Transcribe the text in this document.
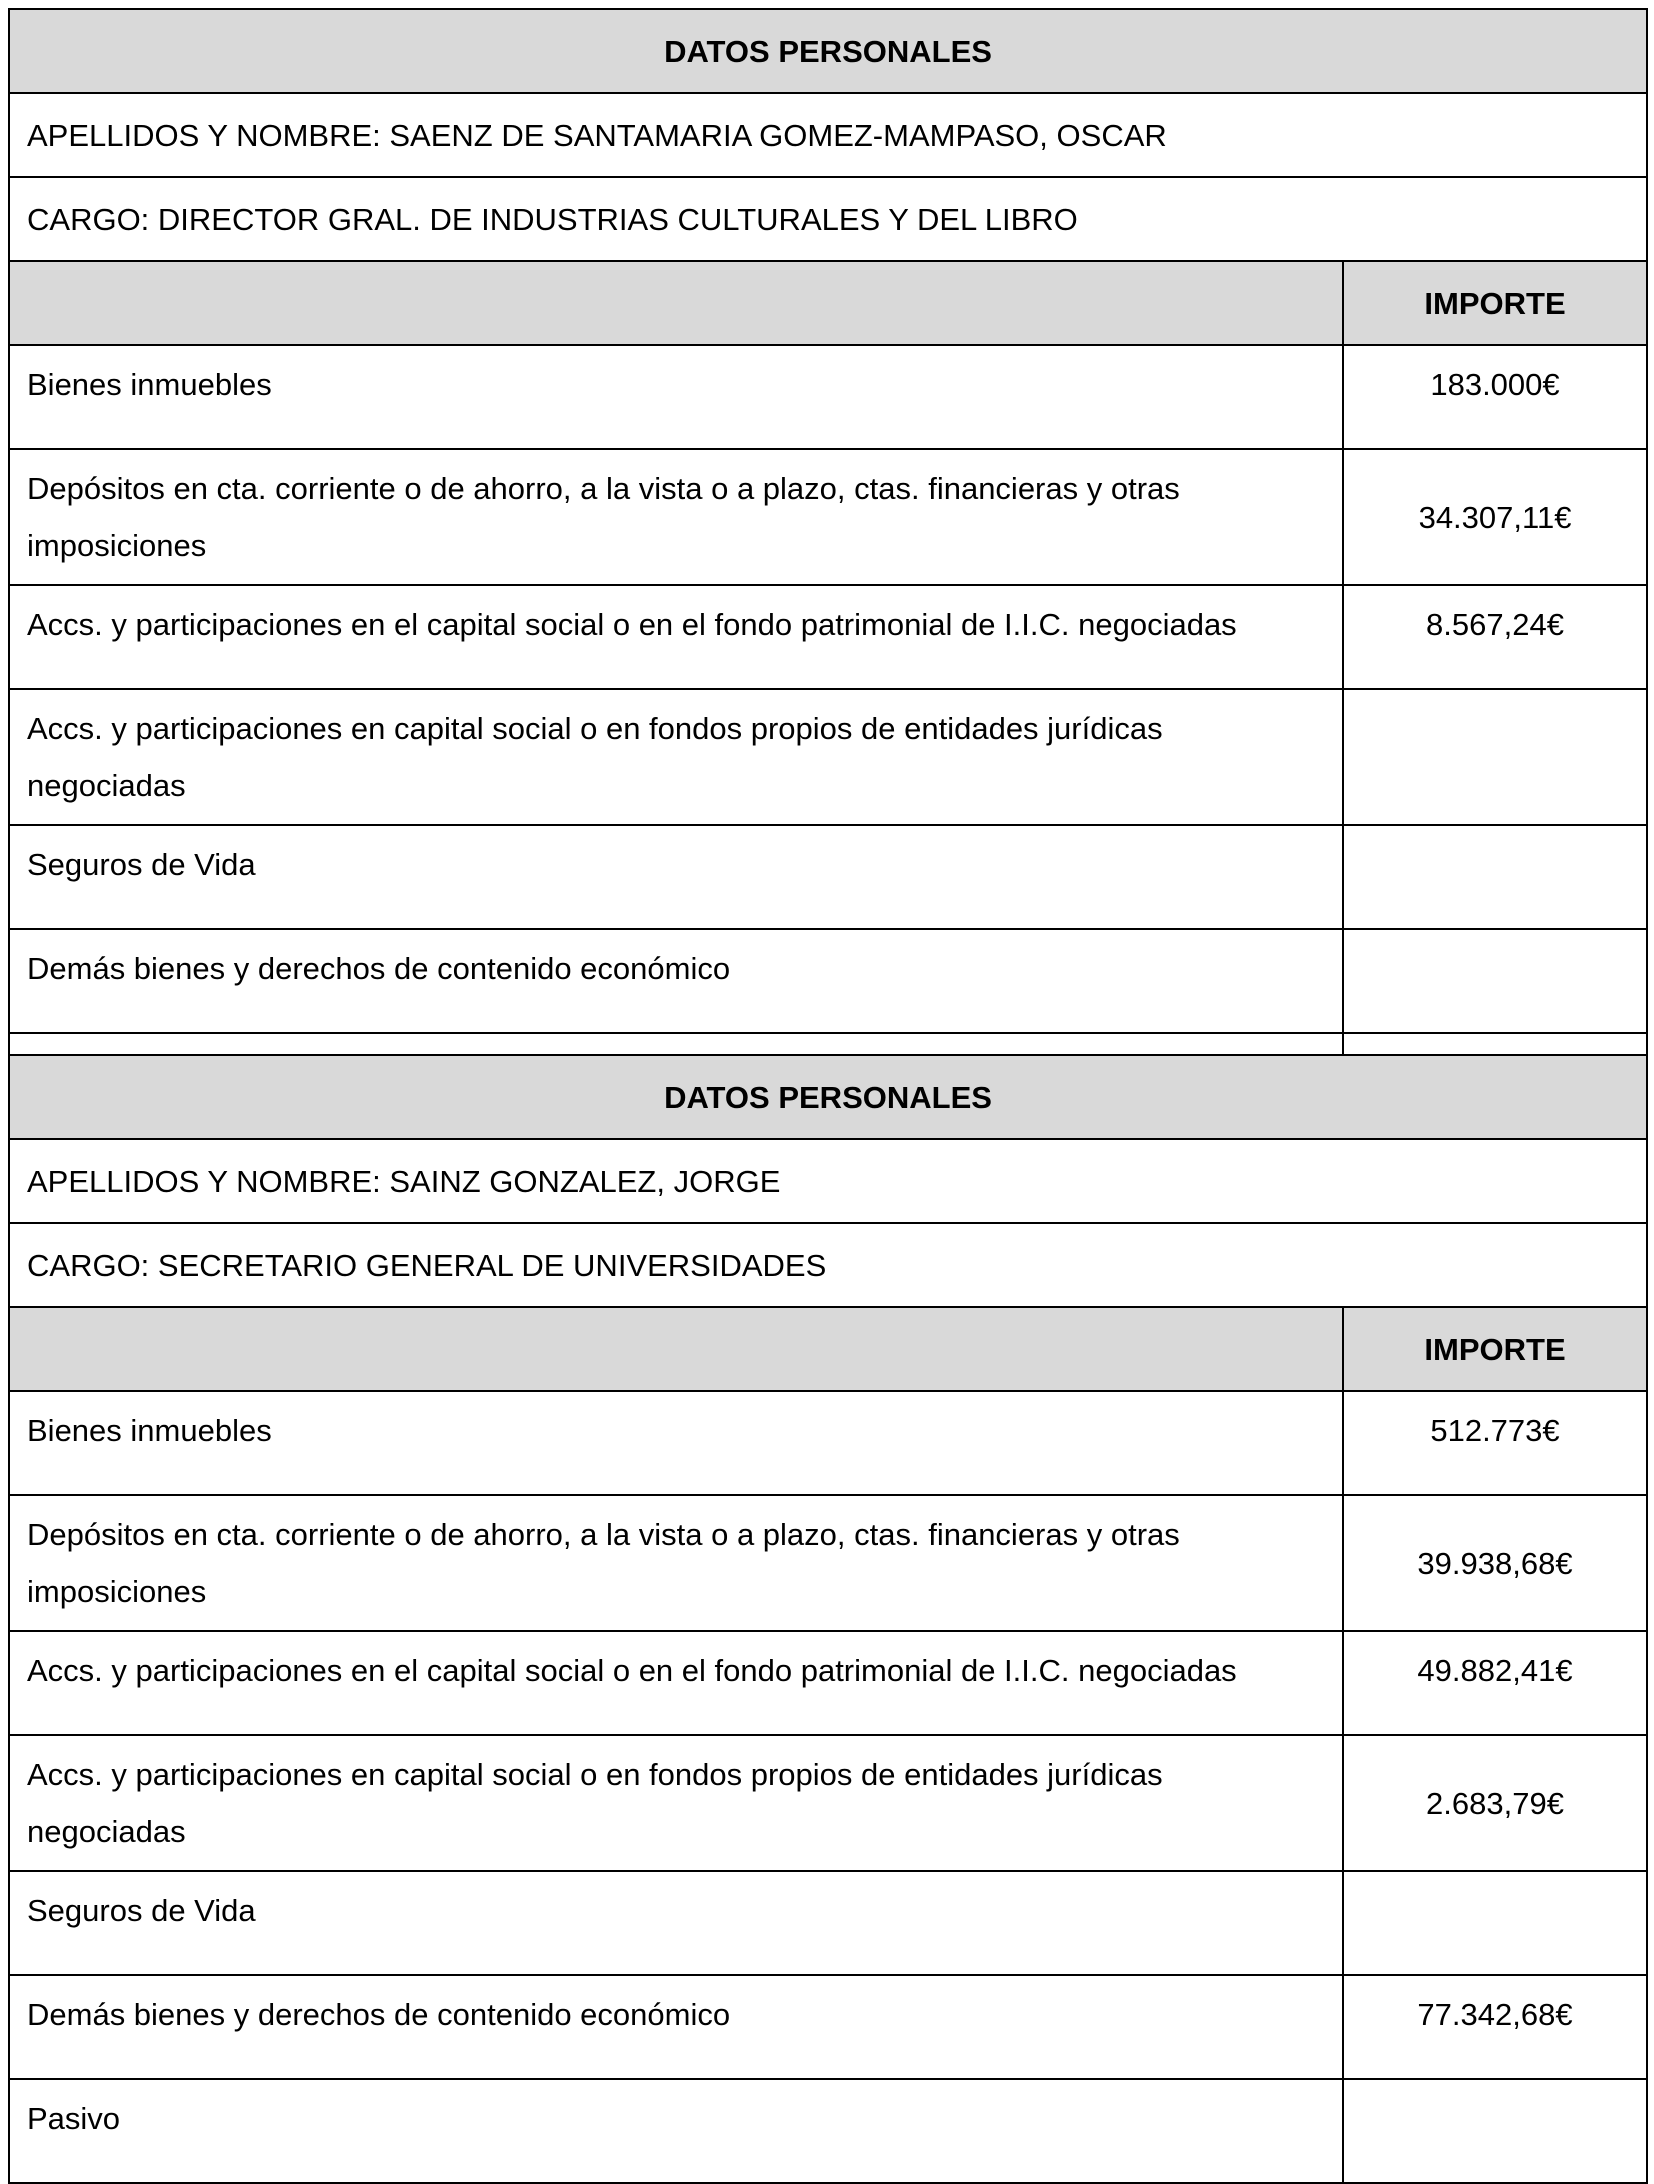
DATOS PERSONALES	
APELLIDOS Y NOMBRE: SAENZ DE SANTAMARIA GOMEZ-MAMPASO, OSCAR	
CARGO: DIRECTOR GRAL. DE INDUSTRIAS CULTURALES Y DEL LIBRO	
	IMPORTE
Bienes inmuebles	183.000€
Depósitos en cta. corriente o de ahorro, a la vista o a plazo, ctas. financieras y otras imposiciones	34.307,11€
Accs. y participaciones en el capital social o en el fondo patrimonial de I.I.C. negociadas	8.567,24€
Accs. y participaciones en capital social o en fondos propios de entidades jurídicas negociadas	
Seguros de Vida	
Demás bienes y derechos de contenido económico	

DATOS PERSONALES	
APELLIDOS Y NOMBRE: SAINZ GONZALEZ, JORGE	
CARGO: SECRETARIO GENERAL DE UNIVERSIDADES	
	IMPORTE
Bienes inmuebles	512.773€
Depósitos en cta. corriente o de ahorro, a la vista o a plazo, ctas. financieras y otras imposiciones	39.938,68€
Accs. y participaciones en el capital social o en el fondo patrimonial de I.I.C. negociadas	49.882,41€
Accs. y participaciones en capital social o en fondos propios de entidades jurídicas negociadas	2.683,79€
Seguros de Vida	
Demás bienes y derechos de contenido económico	77.342,68€
Pasivo	
